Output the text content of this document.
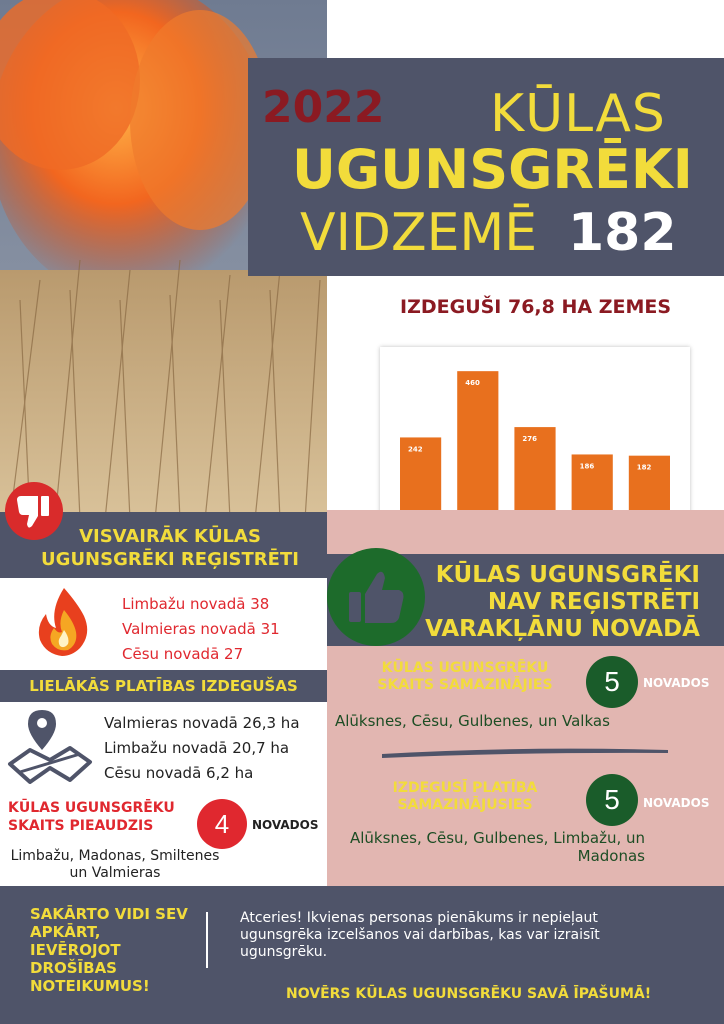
2022 KŪLAS
UGUNSGRĒKI
VIDZEMĒ 182
IZDEGUŠI 76,8 HA ZEMES
242
460
276
186	182
KŪLAS UGUNSGRĒKI NAV REĢISTRĒTI VARAKĻĀNU NOVADĀ
KŪLAS UGUNSGRĒKU SKAITS SAMAZINĀJIES	5	NOVADOS
Alūksnes, Cēsu, Gulbenes, un Valkas
IZDEGUSĪ PLATĪBA SAMAZINĀJUSIES	5	NOVADOS
Alūksnes, Cēsu, Gulbenes, Limbažu, un Madonas
VISVAIRĀK KŪLAS UGUNSGRĒKI REĢISTRĒTI
Limbažu novadā 38
Valmieras novadā 31
Cēsu novadā 27
LIELĀKĀS PLATĪBAS IZDEGUŠAS
Valmieras novadā 26,3 ha
Limbažu novadā 20,7 ha
Cēsu novadā 6,2 ha
KŪLAS UGUNSGRĒKU SKAITS PIEAUDZIS	4	NOVADOS
Limbažu, Madonas, Smiltenes un Valmieras
SAKĀRTO VIDI SEV APKĀRT, IEVĒROJOT DROŠĪBAS NOTEIKUMUS!
Atceries! Ikvienas personas pienākums ir nepieļaut ugunsgrēka izcelšanos vai darbības, kas var izraisīt ugunsgrēku.
NOVĒRS KŪLAS UGUNSGRĒKU SAVĀ ĪPAŠUMĀ!
